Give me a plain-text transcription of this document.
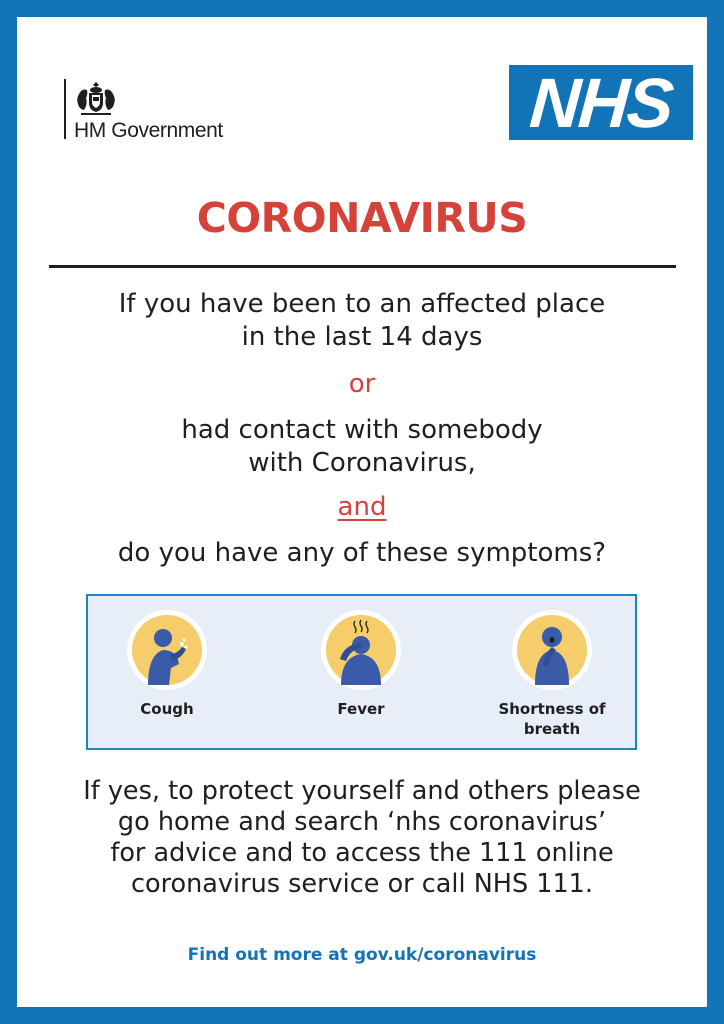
HM Government	NHS
CORONAVIRUS
If you have been to an affected place
in the last 14 days
or
had contact with somebody
with Coronavirus,
and
do you have any of these symptoms?
Cough	Fever	Shortness of
breath
If yes, to protect yourself and others please
go home and search ‘nhs coronavirus’
for advice and to access the 111 online
coronavirus service or call NHS 111.
Find out more at gov.uk/coronavirus
